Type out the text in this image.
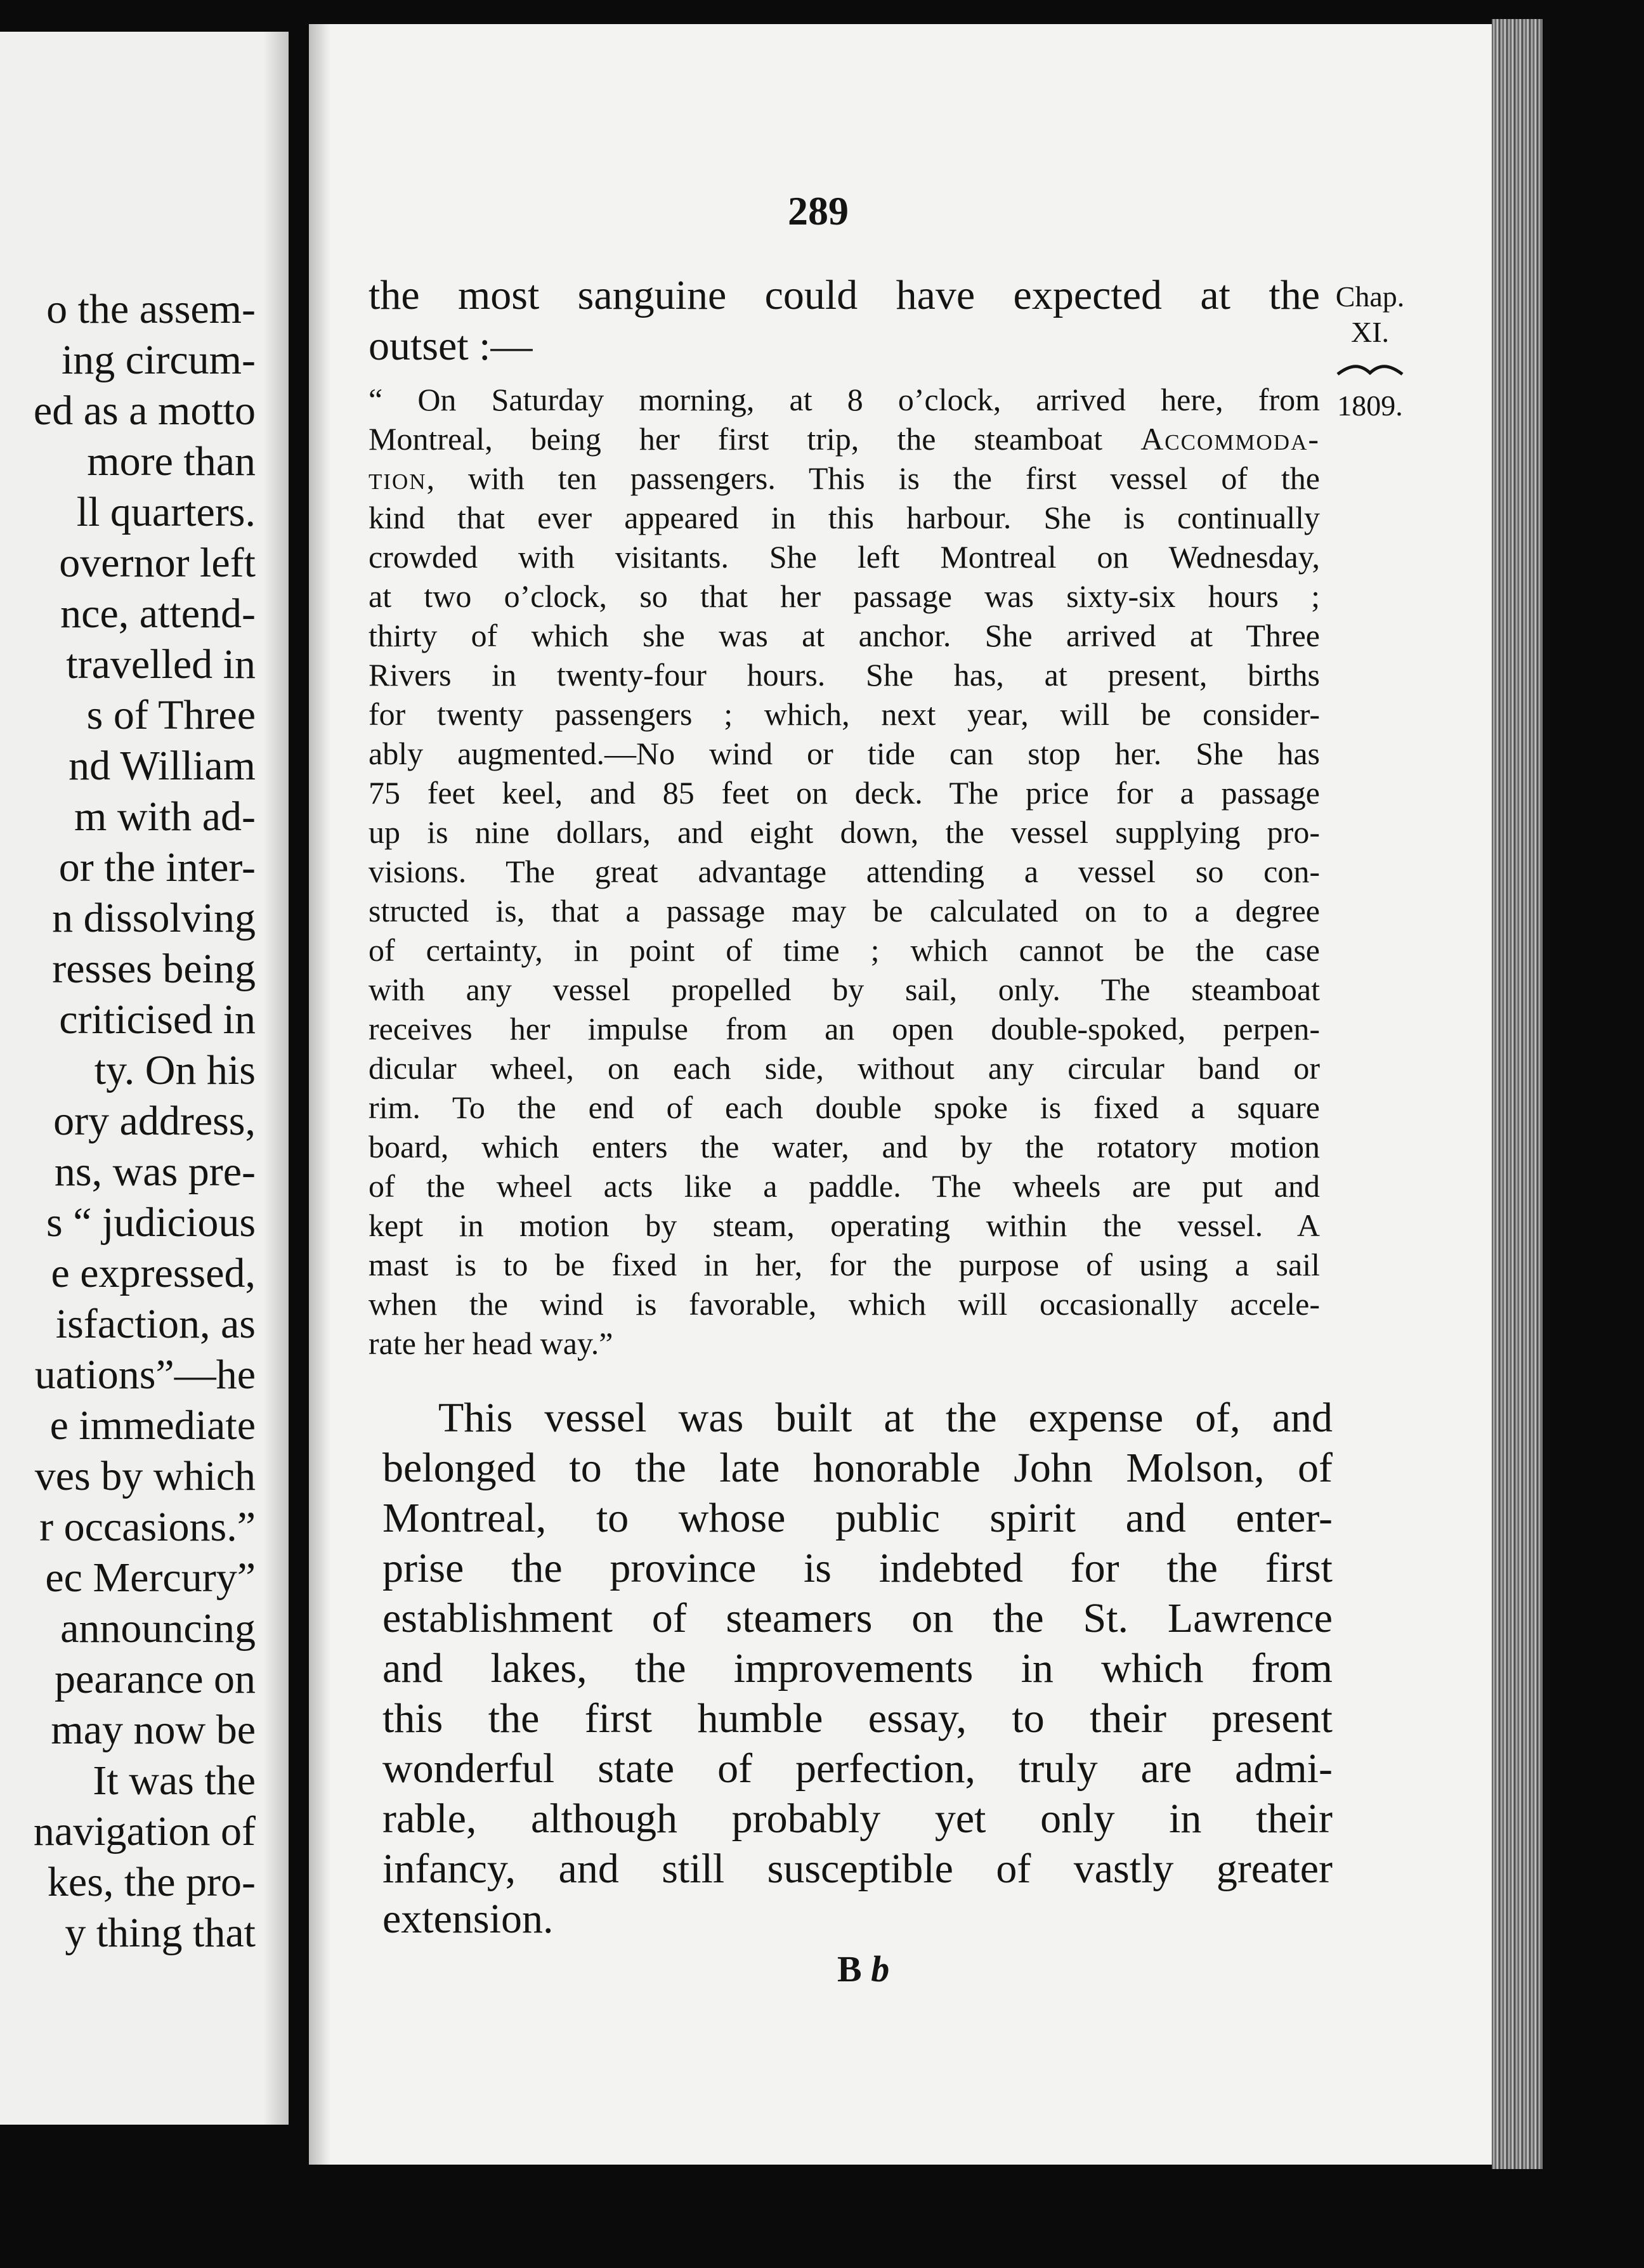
o the assem-
ing circum-
ed as a motto
more than
ll quarters.
overnor left
nce, attend-
travelled in
s of Three
nd William
m with ad-
or the inter-
n dissolving
resses being
criticised in
ty. On his
ory address,
ns, was pre-
s “ judicious
e expressed,
isfaction, as
uations”—he
e immediate
ves by which
r occasions.”
ec Mercury”
announcing
pearance on
may now be
It was the
navigation of
kes, the pro-
y thing that
289
Chap.
XI.
1809.
the most sanguine could have expected at the
outset :—
“ On Saturday morning, at 8 o’clock, arrived here, from
Montreal, being her first trip, the steamboat Accommoda-
tion, with ten passengers. This is the first vessel of the
kind that ever appeared in this harbour. She is continually
crowded with visitants. She left Montreal on Wednesday,
at two o’clock, so that her passage was sixty-six hours ;
thirty of which she was at anchor. She arrived at Three
Rivers in twenty-four hours. She has, at present, births
for twenty passengers ; which, next year, will be consider-
ably augmented.—No wind or tide can stop her. She has
75 feet keel, and 85 feet on deck. The price for a passage
up is nine dollars, and eight down, the vessel supplying pro-
visions. The great advantage attending a vessel so con-
structed is, that a passage may be calculated on to a degree
of certainty, in point of time ; which cannot be the case
with any vessel propelled by sail, only. The steamboat
receives her impulse from an open double-spoked, perpen-
dicular wheel, on each side, without any circular band or
rim. To the end of each double spoke is fixed a square
board, which enters the water, and by the rotatory motion
of the wheel acts like a paddle. The wheels are put and
kept in motion by steam, operating within the vessel. A
mast is to be fixed in her, for the purpose of using a sail
when the wind is favorable, which will occasionally accele-
rate her head way.”
This vessel was built at the expense of, and
belonged to the late honorable John Molson, of
Montreal, to whose public spirit and enter-
prise the province is indebted for the first
establishment of steamers on the St. Lawrence
and lakes, the improvements in which from
this the first humble essay, to their present
wonderful state of perfection, truly are admi-
rable, although probably yet only in their
infancy, and still susceptible of vastly greater
extension.
B b
